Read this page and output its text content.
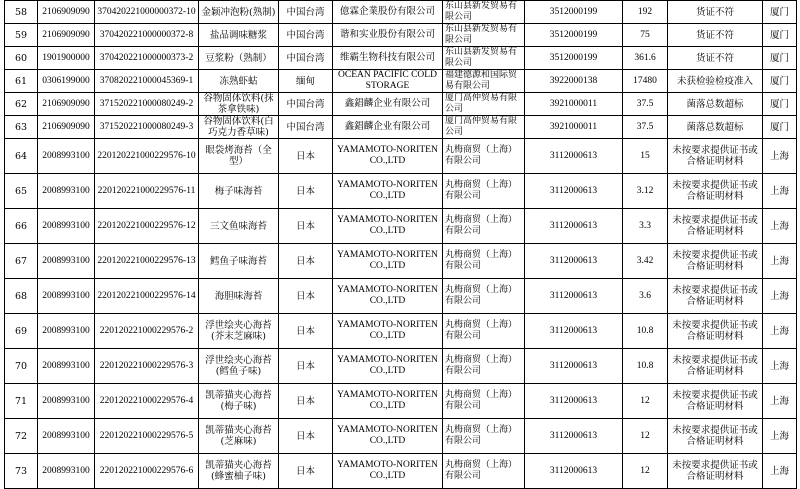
58	2106909090	370420221000000372-10	金颖冲泡粉(熟制)	中国台湾	億霖企業股份有限公司	东山县新发贸易有限公司	3512000199	192	货证不符	厦门
59	2106909090	370420221000000372-8	盐品调味糖浆	中国台湾	谐和实业股份有限公司	东山县新发贸易有限公司	3512000199	75	货证不符	厦门
60	1901900000	370420221000000373-2	豆浆粉（熟制）	中国台湾	维霸生物科技有限公司	东山县新发贸易有限公司	3512000199	361.6	货证不符	厦门
61	0306199000	370820221000045369-1	冻熟虾蛄	缅甸	OCEAN PACIFIC COLD STORAGE	福建德源和国际贸易有限公司	3922000138	17480	未获检验检疫准入	厦门
62	2106909090	371520221000080249-2	谷物固体饮料(抹茶拿铁味)	中国台湾	鑫錩麟企业有限公司	厦门高仲贸易有限公司	3921000011	37.5	菌落总数超标	厦门
63	2106909090	371520221000080249-3	谷物固体饮料(白巧克力香草味)	中国台湾	鑫錩麟企业有限公司	厦门高仲贸易有限公司	3921000011	37.5	菌落总数超标	厦门
64	2008993100	220120221000229576-10	眼袋烤海苔（全型）	日本	YAMAMOTO-NORITEN CO.,LTD	丸梅商贸（上海）有限公司	3112000613	15	未按要求提供证书或合格证明材料	上海
65	2008993100	220120221000229576-11	梅子味海苔	日本	YAMAMOTO-NORITEN CO.,LTD	丸梅商贸（上海）有限公司	3112000613	3.12	未按要求提供证书或合格证明材料	上海
66	2008993100	220120221000229576-12	三文鱼味海苔	日本	YAMAMOTO-NORITEN CO.,LTD	丸梅商贸（上海）有限公司	3112000613	3.3	未按要求提供证书或合格证明材料	上海
67	2008993100	220120221000229576-13	鳕鱼子味海苔	日本	YAMAMOTO-NORITEN CO.,LTD	丸梅商贸（上海）有限公司	3112000613	3.42	未按要求提供证书或合格证明材料	上海
68	2008993100	220120221000229576-14	海胆味海苔	日本	YAMAMOTO-NORITEN CO.,LTD	丸梅商贸（上海）有限公司	3112000613	3.6	未按要求提供证书或合格证明材料	上海
69	2008993100	220120221000229576-2	浮世绘夹心海苔(芥末芝麻味)	日本	YAMAMOTO-NORITEN CO.,LTD	丸梅商贸（上海）有限公司	3112000613	10.8	未按要求提供证书或合格证明材料	上海
70	2008993100	220120221000229576-3	浮世绘夹心海苔(鳕鱼子味)	日本	YAMAMOTO-NORITEN CO.,LTD	丸梅商贸（上海）有限公司	3112000613	10.8	未按要求提供证书或合格证明材料	上海
71	2008993100	220120221000229576-4	凯蒂猫夹心海苔(梅子味)	日本	YAMAMOTO-NORITEN CO.,LTD	丸梅商贸（上海）有限公司	3112000613	12	未按要求提供证书或合格证明材料	上海
72	2008993100	220120221000229576-5	凯蒂猫夹心海苔(芝麻味)	日本	YAMAMOTO-NORITEN CO.,LTD	丸梅商贸（上海）有限公司	3112000613	12	未按要求提供证书或合格证明材料	上海
73	2008993100	220120221000229576-6	凯蒂猫夹心海苔(蜂蜜柚子味)	日本	YAMAMOTO-NORITEN CO.,LTD	丸梅商贸（上海）有限公司	3112000613	12	未按要求提供证书或合格证明材料	上海
